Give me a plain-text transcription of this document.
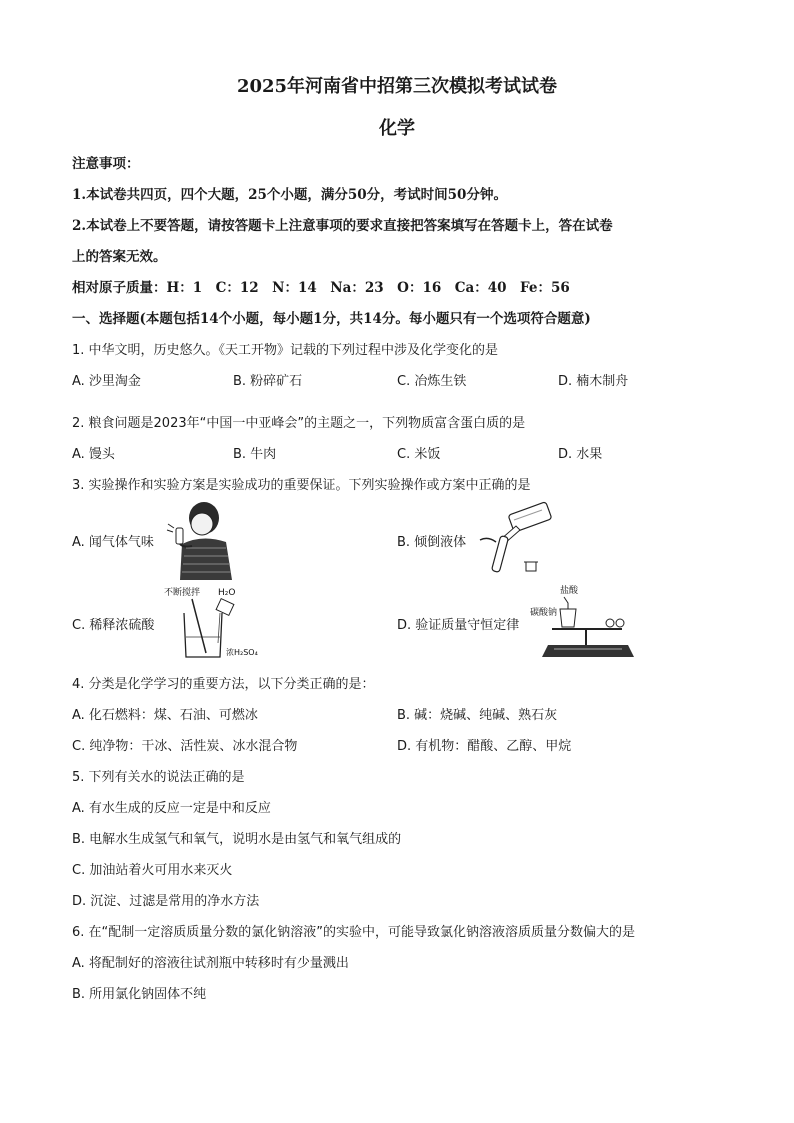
2025年河南省中招第三次模拟考试试卷
化学
注意事项：
1.本试卷共四页，四个大题，25个小题，满分50分，考试时间50分钟。
2.本试卷上不要答题，请按答题卡上注意事项的要求直接把答案填写在答题卡上，答在试卷
上的答案无效。
相对原子质量：H：1　C：12　N：14　Na：23　O：16　Ca：40　Fe：56
一、选择题(本题包括14个小题，每小题1分，共14分。每小题只有一个选项符合题意)
1. 中华文明，历史悠久。《天工开物》记载的下列过程中涉及化学变化的是
A. 沙里淘金	B. 粉碎矿石	C. 冶炼生铁	D. 楠木制舟
2. 粮食问题是2023年“中国一中亚峰会”的主题之一，下列物质富含蛋白质的是
A. 馒头	B. 牛肉	C. 米饭	D. 水果
3. 实验操作和实验方案是实验成功的重要保证。下列实验操作或方案中正确的是
A. 闻气体气味	B. 倾倒液体
C. 稀释浓硫酸	D. 验证质量守恒定律
不断搅拌 H₂O
浓H₂SO₄
盐酸
碳酸钠
4. 分类是化学学习的重要方法，以下分类正确的是：
A. 化石燃料：煤、石油、可燃冰	B. 碱：烧碱、纯碱、熟石灰
C. 纯净物：干冰、活性炭、冰水混合物	D. 有机物：醋酸、乙醇、甲烷
5. 下列有关水的说法正确的是
A. 有水生成的反应一定是中和反应
B. 电解水生成氢气和氧气，说明水是由氢气和氧气组成的
C. 加油站着火可用水来灭火
D. 沉淀、过滤是常用的净水方法
6. 在“配制一定溶质质量分数的氯化钠溶液”的实验中，可能导致氯化钠溶液溶质质量分数偏大的是
A. 将配制好的溶液往试剂瓶中转移时有少量溅出
B. 所用氯化钠固体不纯
